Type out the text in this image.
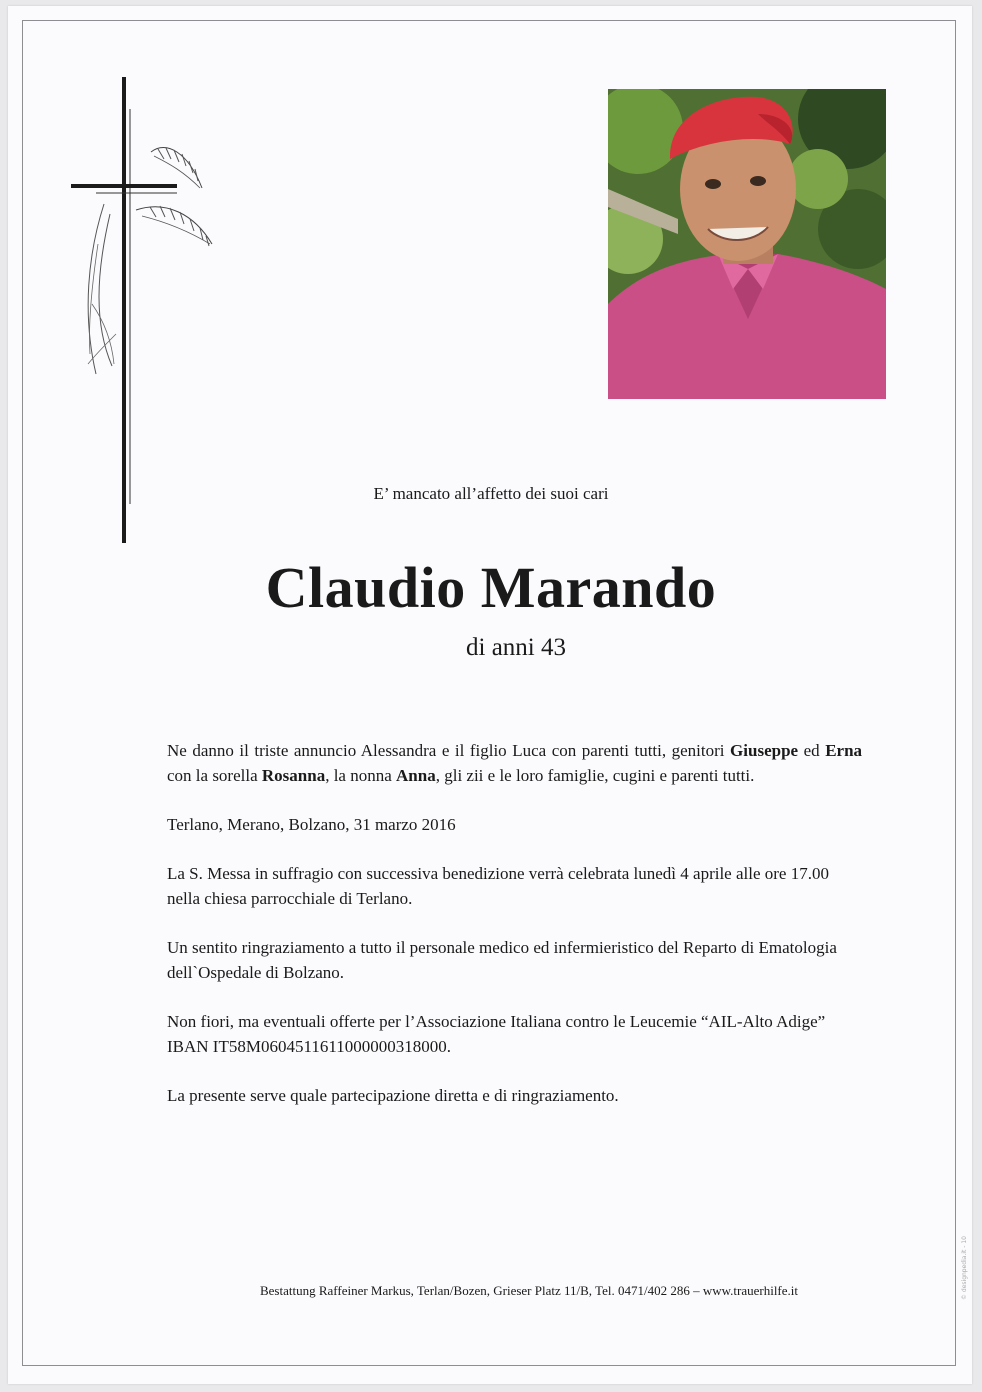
E’ mancato all’affetto dei suoi cari
Claudio Marando
di anni 43

Ne danno il triste annuncio Alessandra e il figlio Luca con parenti tutti, genitori Giuseppe ed Erna con la sorella Rosanna, la nonna Anna, gli zii e le loro famiglie, cugini e parenti tutti.

Terlano, Merano, Bolzano, 31 marzo 2016

La S. Messa in suffragio con successiva benedizione verrà celebrata lunedì 4 aprile alle ore 17.00 nella chiesa parrocchiale di Terlano.

Un sentito ringraziamento a tutto il personale medico ed infermieristico del Reparto di Ematologia dell`Ospedale di Bolzano.

Non fiori, ma eventuali offerte per l’Associazione Italiana contro le Leucemie “AIL-Alto Adige” IBAN IT58M0604511611000000318000.

La presente serve quale partecipazione diretta e di ringraziamento.

Bestattung Raffeiner Markus, Terlan/Bozen, Grieser Platz 11/B, Tel. 0471/402 286 – www.trauerhilfe.it	© designpedia.it - 10
